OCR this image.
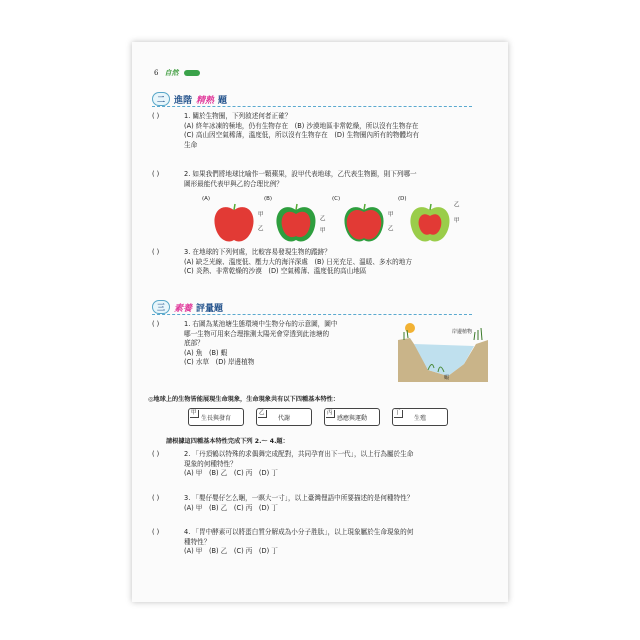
6 自然
二	進階 精熟 題
( )	1. 關於生物圈，下列敘述何者正確？
(A) 終年冰凍的極地，仍有生物存在　(B) 沙漠地區非常乾燥，所以沒有生物存在
(C) 高山因空氣稀薄，溫度低，所以沒有生物存在　(D) 生物圈內所有的物體均有
生命
( )	2. 如果我們將地球比喻作一顆蘋果，設甲代表地球，乙代表生物圈，則下列哪一
圖形最能代表甲與乙的合理比例？
(A)
甲
乙
(B)
乙
甲
(C)
甲
乙
(D)
乙
甲
( )	3. 在地球的下列何處，比較容易發現生物的蹤跡？
(A) 缺乏光線、溫度低、壓力大的海洋深處　(B) 日光充足、溫暖、多水的地方
(C) 炎熱、非常乾燥的沙漠　(D) 空氣稀薄、溫度低的高山地區
三	素養 評量題
( )	1. 右圖為某池塘生態環境中生物分布的示意圖，圖中
哪一生物可用來合理推測太陽光會穿透到此池塘的
底部？
(A) 魚　(B) 蝦
(C) 水草　(D) 岸邊植物
岸邊植物
蝦
◎地球上的生物皆能展現生命現象，生命現象共有以下四種基本特性：
甲
生長與發育
乙
代謝
丙
感應與運動
丁
生殖
請根據這四種基本特性完成下列 2.～ 4.題：
( )	2. 「丹頂鶴以特殊的求偶舞完成配對，共同孕育出下一代」，以上行為屬於生命
現象的何種特性？
(A) 甲　(B) 乙　(C) 丙　(D) 丁
( )	3. 「嬰仔嬰仔乞么睏，一暝大一寸」，以上臺灣俚語中所要描述的是何種特性？
(A) 甲　(B) 乙　(C) 丙　(D) 丁
( )	4. 「胃中酵素可以將蛋白質分解成為小分子胜肽」，以上現象屬於生命現象的何
種特性？
(A) 甲　(B) 乙　(C) 丙　(D) 丁
